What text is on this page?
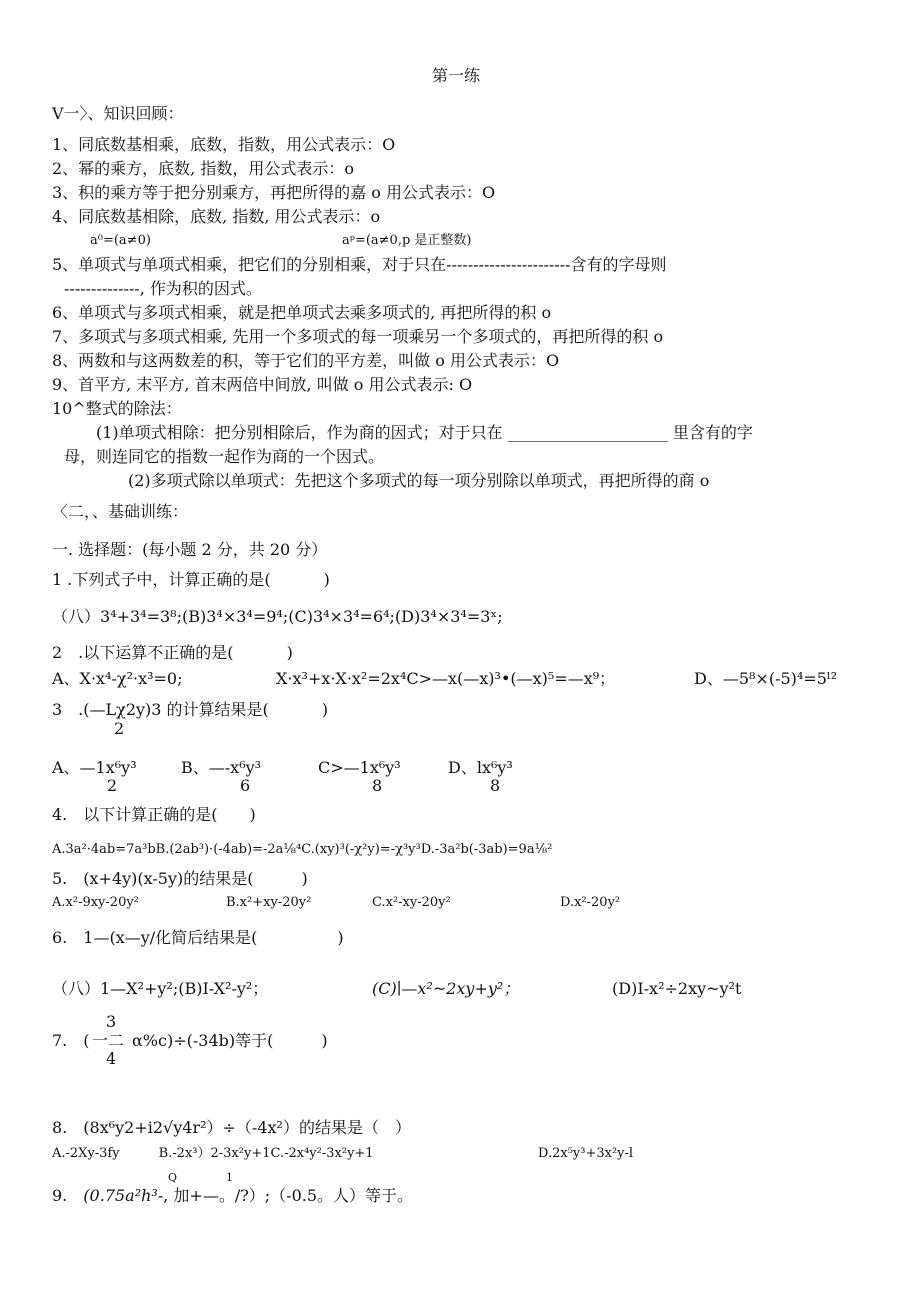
第一练
V一〉、知识回顾：
1、同底数基相乘，底数，指数，用公式表示：O
2、幂的乘方，底数, 指数，用公式表示：o
3、积的乘方等于把分别乘方，再把所得的嘉 o 用公式表示：O
4、同底数基相除，底数, 指数, 用公式表示：o
a⁰=(a≠0)	aᵖ=(a≠0,p 是正整数)
5、单项式与单项式相乘，把它们的分别相乘，对于只在-----------------------含有的字母则
--------------, 作为积的因式。
6、单项式与多项式相乘，就是把单项式去乘多项式的, 再把所得的积 o
7、多项式与多项式相乘, 先用一个多项式的每一项乘另一个多项式的，再把所得的积 o
8、两数和与这两数差的积，等于它们的平方差，叫做 o 用公式表示：O
9、首平方, 末平方, 首末两倍中间放, 叫做 o 用公式表示: O
10^整式的除法：
(1)单项式相除：把分别相除后，作为商的因式；对于只在 ____________________ 里含有的字
母，则连同它的指数一起作为商的一个因式。
(2)多项式除以单项式：先把这个多项式的每一项分别除以单项式，再把所得的商 o
〈二，、基础训练：
一. 选择题：(每小题 2 分，共 20 分）
1 .下列式子中，计算正确的是(　　　 )
（八）3⁴+3⁴=3⁸;(B)3⁴×3⁴=9⁴;(C)3⁴×3⁴=6⁴;(D)3⁴×3⁴=3ˣ;
2　.以下运算不正确的是(　　　 )
A、X·x⁴-χ²·x³=0;	X·x³+x·X·x²=2x⁴C>—x(—x)³•(—x)⁵=—x⁹；	D、—5⁸×(-5)⁴=5ˡ²
3　.(—Lχ2y)3 的计算结果是(　　　 )
2
A、—1x⁶y³
2
B、—-x⁶y³
6
C>—1x⁶y³
8
D、lx⁶y³
8
4.　以下计算正确的是(　　)
A.3a²·4ab=7a³bB.(2ab³)·(-4ab)=-2a⅛⁴C.(xy)³(-χ²y)=-χ³y³D.-3a²b(-3ab)=9a⅛²
5.　(x+4y)(x-5y)的结果是(　　　)
A.x²-9xy-20y²	B.x²+xy-20y²	C.x²-xy-20y²	D.x²-20y²
6.　1—(x—y/化简后结果是(　　　　　)
（八）1—X²+y²;(B)I-X²-y²；	(C)∣—x²~2xy+y²；	(D)I-x²÷2xy~y²t
3
7.　( 一二 α%c)÷(-34b)等于(　　　)
4
8.　(8x⁶y2+i2√y4r²）÷（-4x²）的结果是（　）
A.-2Xy-3fy　　　B.-2x³）2-3x²y+1C.-2x⁴y²-3x²y+1	D.2x⁵y³+3x²y-l
Q	1
9.　(0.75a²h³-, 加+—。/?）;（-0.5。人）等于。
